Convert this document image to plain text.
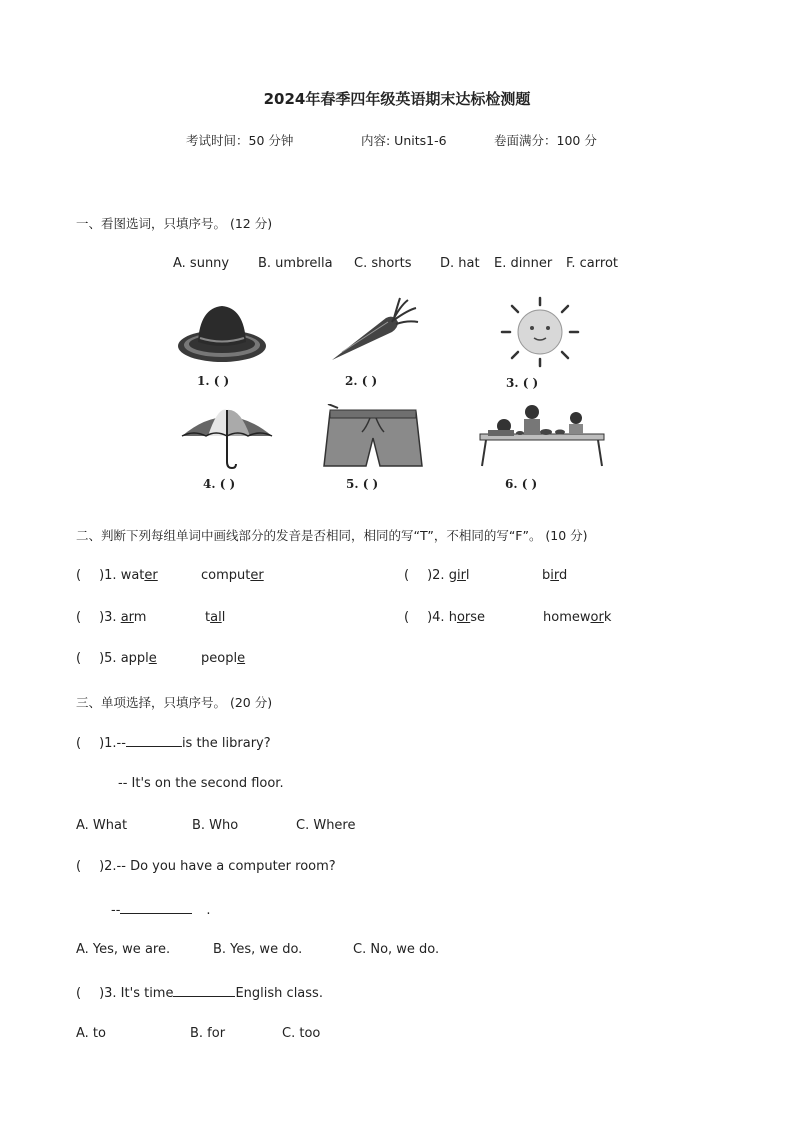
2024年春季四年级英语期末达标检测题
考试时间：50 分钟	内容: Units1-6	卷面满分：100 分
一、看图选词，只填序号。 (12 分)
A. sunny B. umbrella C. shorts D. hat E. dinner F. carrot
1. ( )	2. ( )	3. ( )
4. ( )	5. ( )	6. ( )
二、判断下列每组单词中画线部分的发音是否相同，相同的写“T”，不相同的写“F”。 (10 分)
( )1. water	computer	( )2. girl	bird
( )3. arm	tall	( )4. horse	homework
( )5. apple	people
三、单项选择，只填序号。 (20 分)
( )1.--	is the library?
-- It's on the second floor.
A. What	B. Who	C. Where
( )2.-- Do you have a computer room?
--	.
A. Yes, we are.	B. Yes, we do.	C. No, we do.
( )3. It's time	English class.
A. to	B. for	C. too
